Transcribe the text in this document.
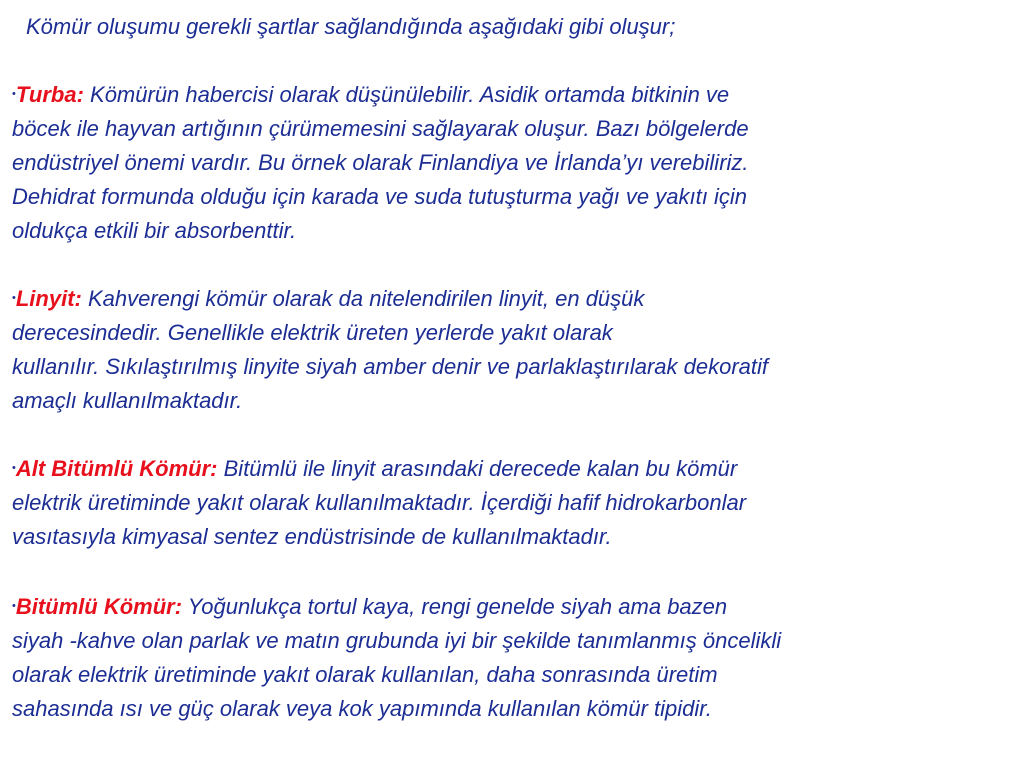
Kömür oluşumu gerekli şartlar sağlandığında aşağıdaki gibi oluşur;

•Turba: Kömürün habercisi olarak düşünülebilir. Asidik ortamda bitkinin ve
böcek ile hayvan artığının çürümemesini sağlayarak oluşur. Bazı bölgelerde
endüstriyel önemi vardır. Bu örnek olarak Finlandiya ve İrlanda’yı verebiliriz.
Dehidrat formunda olduğu için karada ve suda tutuşturma yağı ve yakıtı için
oldukça etkili bir absorbenttir.
•Linyit: Kahverengi kömür olarak da nitelendirilen linyit, en düşük
derecesindedir. Genellikle elektrik üreten yerlerde yakıt olarak
kullanılır. Sıkılaştırılmış linyite siyah amber denir ve parlaklaştırılarak dekoratif
amaçlı kullanılmaktadır.
•Alt Bitümlü Kömür: Bitümlü ile linyit arasındaki derecede kalan bu kömür
elektrik üretiminde yakıt olarak kullanılmaktadır. İçerdiği hafif hidrokarbonlar
vasıtasıyla kimyasal sentez endüstrisinde de kullanılmaktadır.
•Bitümlü Kömür: Yoğunlukça tortul kaya, rengi genelde siyah ama bazen
siyah -kahve olan parlak ve matın grubunda iyi bir şekilde tanımlanmış öncelikli
olarak elektrik üretiminde yakıt olarak kullanılan, daha sonrasında üretim
sahasında ısı ve güç olarak veya kok yapımında kullanılan kömür tipidir.
